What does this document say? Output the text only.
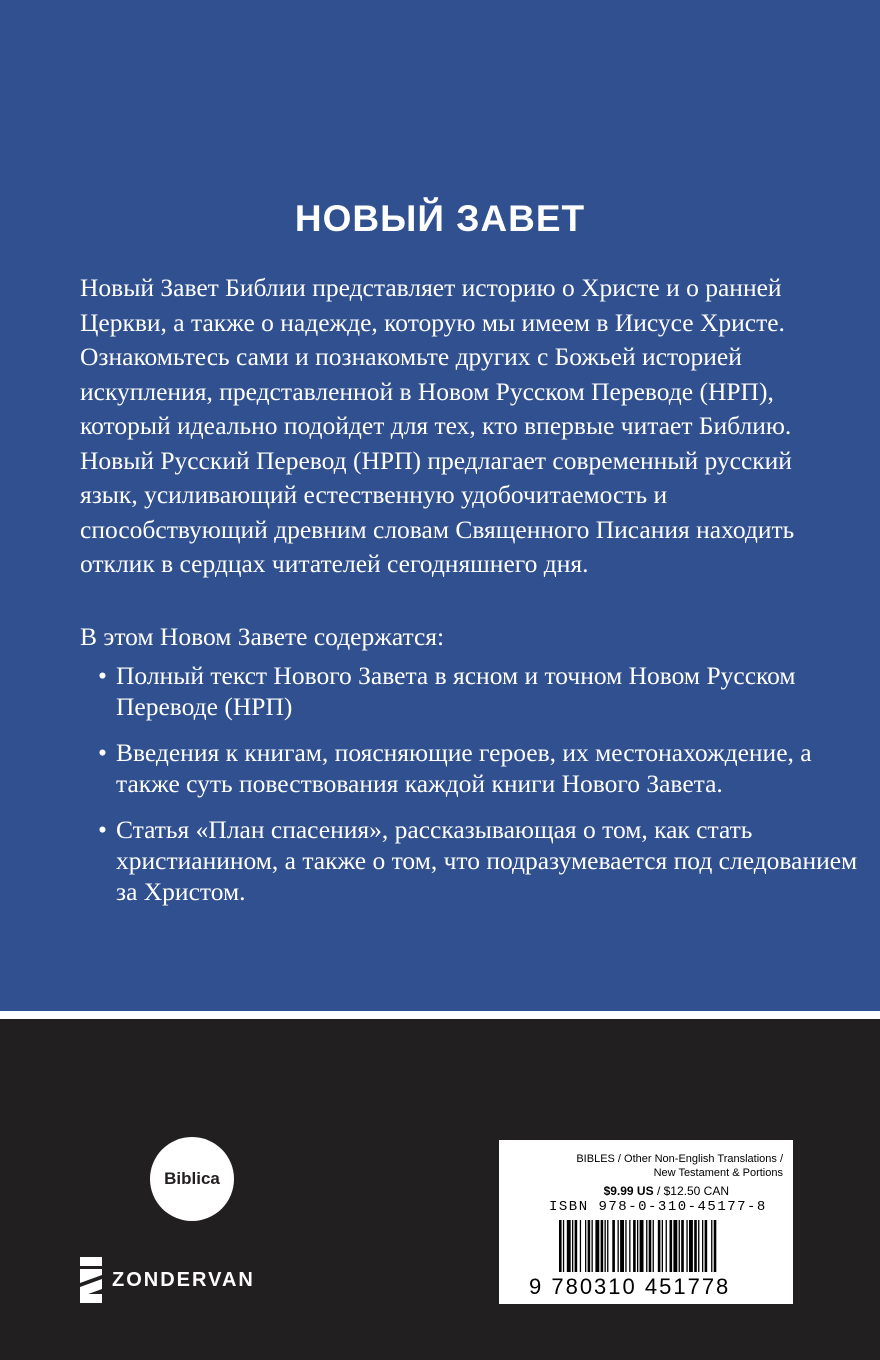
НОВЫЙ ЗАВЕТ

Новый Завет Библии представляет историю о Христе и о ранней Церкви, а также о надежде, которую мы имеем в Иисусе Христе. Ознакомьтесь сами и познакомьте других с Божьей историей искупления, представленной в Новом Русском Переводе (НРП), который идеально подойдет для тех, кто впервые читает Библию. Новый Русский Перевод (НРП) предлагает современный русский язык, усиливающий естественную удобочитаемость и способствующий древним словам Священного Писания находить отклик в сердцах читателей сегодняшнего дня.

В этом Новом Завете содержатся:
• Полный текст Нового Завета в ясном и точном Новом Русском Переводе (НРП)
• Введения к книгам, поясняющие героев, их местонахождение, а также суть повествования каждой книги Нового Завета.
• Статья «План спасения», рассказывающая о том, как стать христианином, а также о том, что подразумевается под следованием за Христом.
Biblica
ZONDERVAN
BIBLES / Other Non-English Translations /
New Testament & Portions
$9.99 US / $12.50 CAN
ISBN 978-0-310-45177-8
9 780310 451778
